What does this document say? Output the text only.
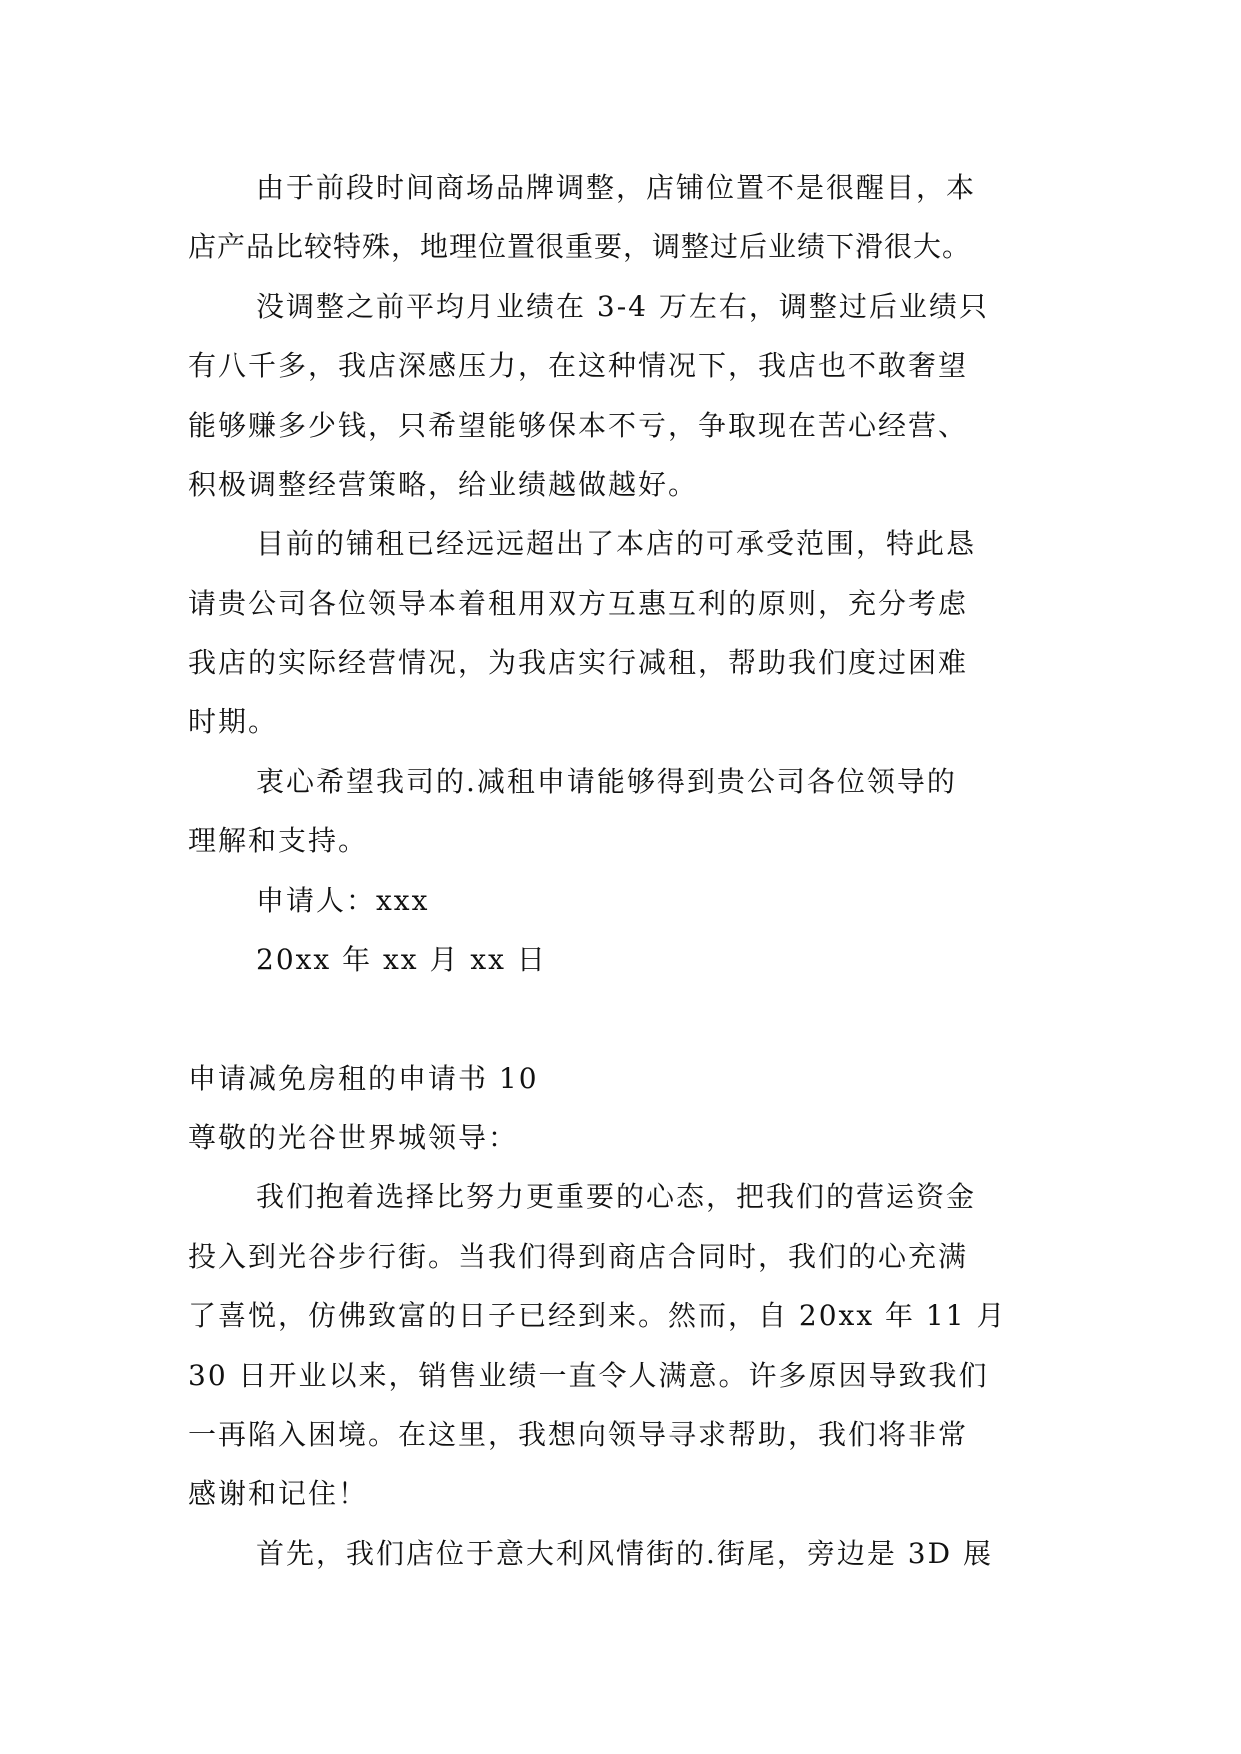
由于前段时间商场品牌调整，店铺位置不是很醒目，本
店产品比较特殊，地理位置很重要，调整过后业绩下滑很大。
没调整之前平均月业绩在 3-4 万左右，调整过后业绩只
有八千多，我店深感压力，在这种情况下，我店也不敢奢望
能够赚多少钱，只希望能够保本不亏，争取现在苦心经营、
积极调整经营策略，给业绩越做越好。
目前的铺租已经远远超出了本店的可承受范围，特此恳
请贵公司各位领导本着租用双方互惠互利的原则，充分考虑
我店的实际经营情况，为我店实行减租，帮助我们度过困难
时期。
衷心希望我司的.减租申请能够得到贵公司各位领导的
理解和支持。
申请人：xxx
20xx 年 xx 月 xx 日
申请减免房租的申请书 10
尊敬的光谷世界城领导：
我们抱着选择比努力更重要的心态，把我们的营运资金
投入到光谷步行街。当我们得到商店合同时，我们的心充满
了喜悦，仿佛致富的日子已经到来。然而，自 20xx 年 11 月
30 日开业以来，销售业绩一直令人满意。许多原因导致我们
一再陷入困境。在这里，我想向领导寻求帮助，我们将非常
感谢和记住！
首先，我们店位于意大利风情街的.街尾，旁边是 3D 展
